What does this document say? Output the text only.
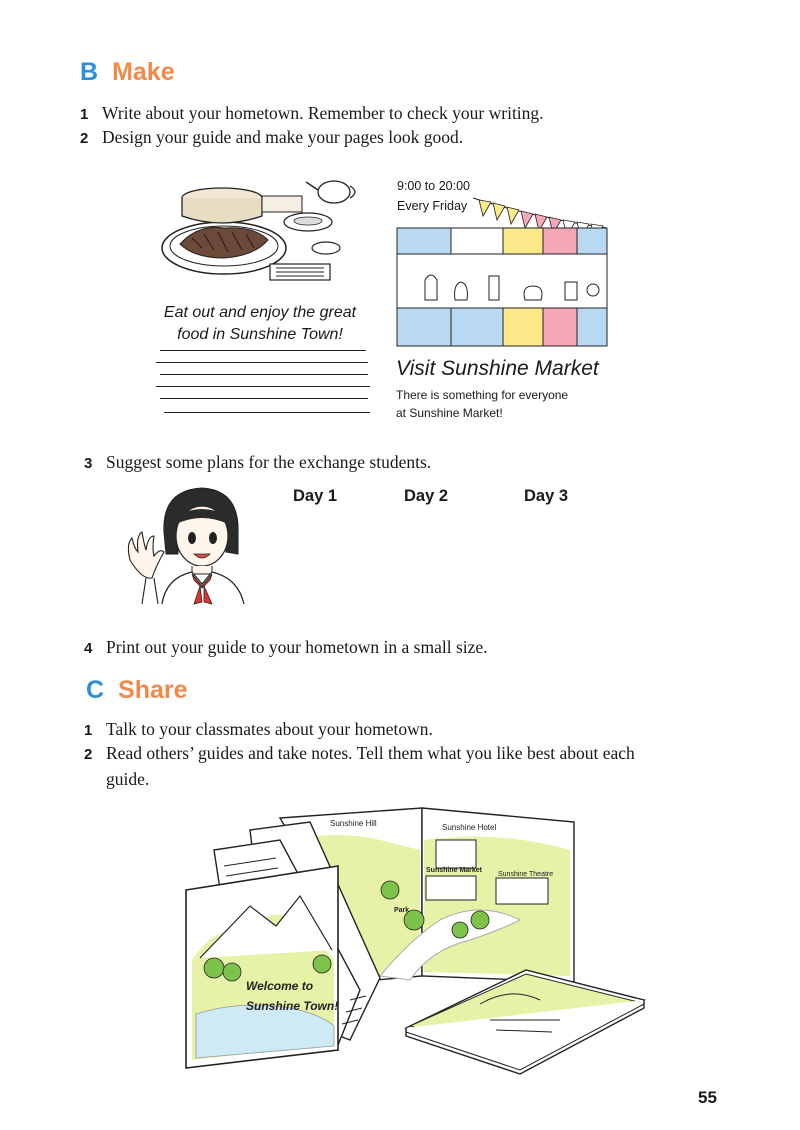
B Make
1 Write about your hometown. Remember to check your writing.
2 Design your guide and make your pages look good.
Eat out and enjoy the great
food in Sunshine Town!
9:00 to 20:00
Every Friday
Visit Sunshine Market
There is something for everyone
at Sunshine Market!
3 Suggest some plans for the exchange students.
Day 1	Day 2	Day 3
4 Print out your guide to your hometown in a small size.
C Share
1 Talk to your classmates about your hometown.
2 Read others’ guides and take notes. Tell them what you like best about each
guide.
Sunshine Hill	Sunshine Hotel
Sunshine Market
Sunshine Theatre
Park
Welcome to
Sunshine Town!
55
